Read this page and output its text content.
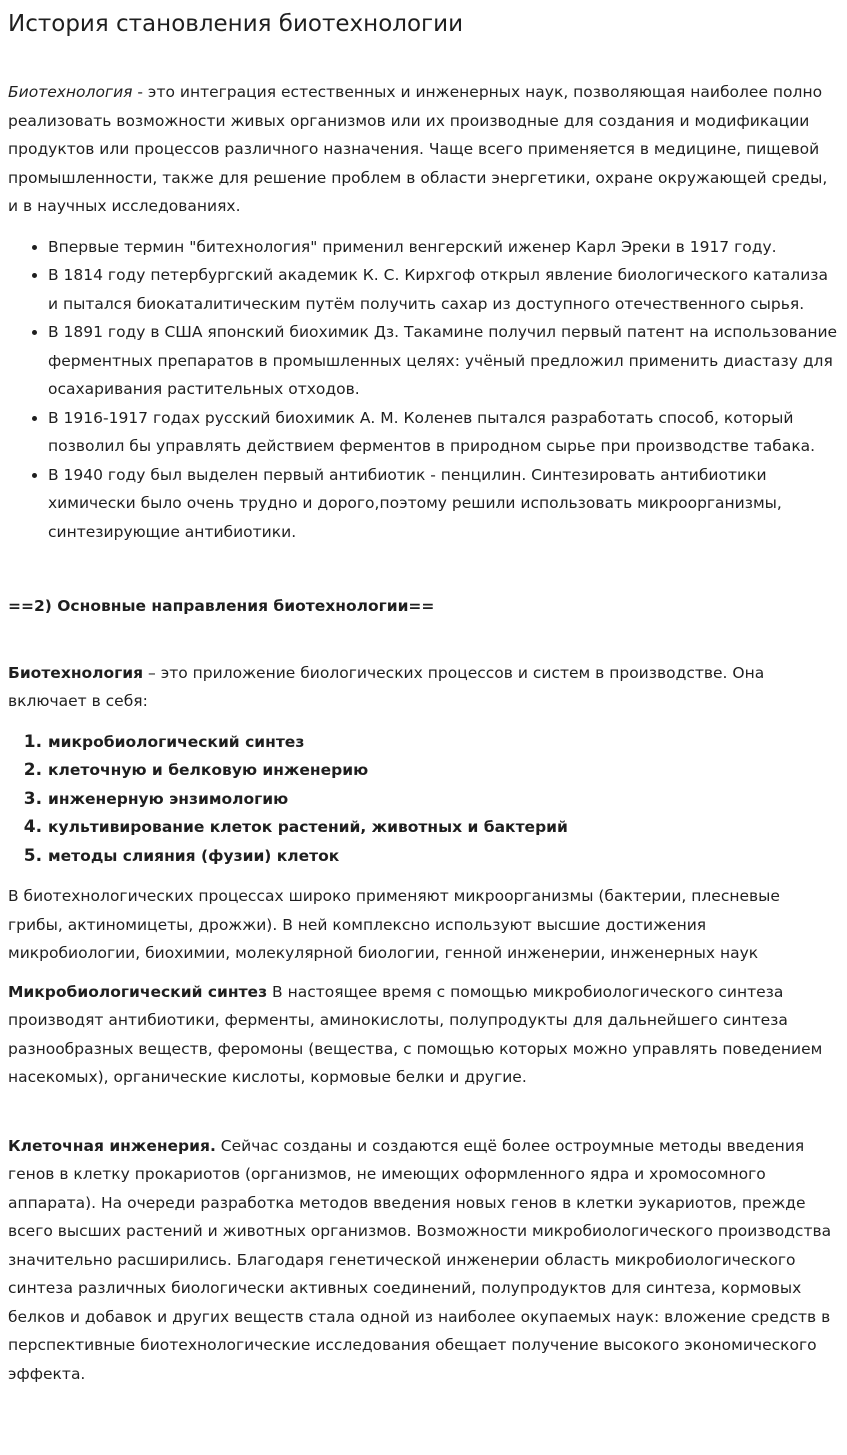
История становления биотехнологии

Биотехнология - это интеграция естественных и инженерных наук, позволяющая наиболее полно реализовать возможности живых организмов или их производные для создания и модификации продуктов или процессов различного назначения. Чаще всего применяется в медицине, пищевой промышленности, также для решение проблем в области энергетики, охране окружающей среды, и в научных исследованиях.

• Впервые термин "битехнология" применил венгерский иженер Карл Эреки в 1917 году.
• В 1814 году петербургский академик К. С. Кирхгоф открыл явление биологического катализа и пытался биокаталитическим путём получить сахар из доступного отечественного сырья.
• В 1891 году в США японский биохимик Дз. Такамине получил первый патент на использование ферментных препаратов в промышленных целях: учёный предложил применить диастазу для осахаривания растительных отходов.
• В 1916-1917 годах русский биохимик А. М. Коленев пытался разработать способ, который позволил бы управлять действием ферментов в природном сырье при производстве табака.
• В 1940 году был выделен первый антибиотик - пенцилин. Синтезировать антибиотики химически было очень трудно и дорого,поэтому решили использовать микроорганизмы, синтезирующие антибиотики.

==2) Основные направления биотехнологии==

Биотехнология – это приложение биологических процессов и систем в производстве. Она включает в себя:

1. микробиологический синтез
2. клеточную и белковую инженерию
3. инженерную энзимологию
4. культивирование клеток растений, животных и бактерий
5. методы слияния (фузии) клеток

В биотехнологических процессах широко применяют микроорганизмы (бактерии, плесневые грибы, актиномицеты, дрожжи). В ней комплексно используют высшие достижения микробиологии, биохимии, молекулярной биологии, генной инженерии, инженерных наук

Микробиологический синтез В настоящее время с помощью микробиологического синтеза производят антибиотики, ферменты, аминокислоты, полупродукты для дальнейшего синтеза разнообразных веществ, феромоны (вещества, с помощью которых можно управлять поведением насекомых), органические кислоты, кормовые белки и другие.

Клеточная инженерия. Сейчас созданы и создаются ещё более остроумные методы введения генов в клетку прокариотов (организмов, не имеющих оформленного ядра и хромосомного аппарата). На очереди разработка методов введения новых генов в клетки эукариотов, прежде всего высших растений и животных организмов. Возможности микробиологического производства значительно расширились. Благодаря генетической инженерии область микробиологического синтеза различных биологически активных соединений, полупродуктов для синтеза, кормовых белков и добавок и других веществ стала одной из наиболее окупаемых наук: вложение средств в перспективные биотехнологические исследования обещает получение высокого экономического эффекта.
